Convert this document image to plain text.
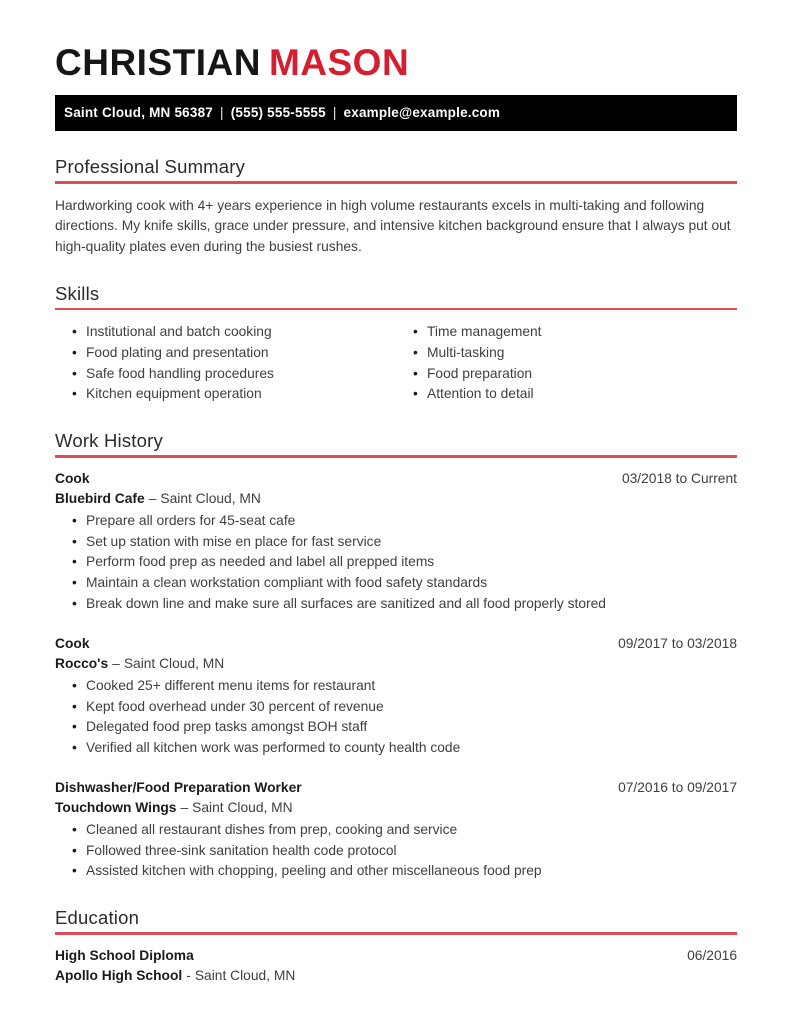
CHRISTIAN MASON
Saint Cloud, MN 56387 | (555) 555-5555 | example@example.com
Professional Summary

Hardworking cook with 4+ years experience in high volume restaurants excels in multi-taking and following directions. My knife skills, grace under pressure, and intensive kitchen background ensure that I always put out high-quality plates even during the busiest rushes.

Skills
• Institutional and batch cooking
• Food plating and presentation
• Safe food handling procedures
• Kitchen equipment operation
• Time management
• Multi-tasking
• Food preparation
• Attention to detail
Work History
Cook	03/2018 to Current
Bluebird Cafe – Saint Cloud, MN
• Prepare all orders for 45-seat cafe
• Set up station with mise en place for fast service
• Perform food prep as needed and label all prepped items
• Maintain a clean workstation compliant with food safety standards
• Break down line and make sure all surfaces are sanitized and all food properly stored
Cook	09/2017 to 03/2018
Rocco's – Saint Cloud, MN
• Cooked 25+ different menu items for restaurant
• Kept food overhead under 30 percent of revenue
• Delegated food prep tasks amongst BOH staff
• Verified all kitchen work was performed to county health code
Dishwasher/Food Preparation Worker	07/2016 to 09/2017
Touchdown Wings – Saint Cloud, MN
• Cleaned all restaurant dishes from prep, cooking and service
• Followed three-sink sanitation health code protocol
• Assisted kitchen with chopping, peeling and other miscellaneous food prep
Education
High School Diploma	06/2016
Apollo High School - Saint Cloud, MN
